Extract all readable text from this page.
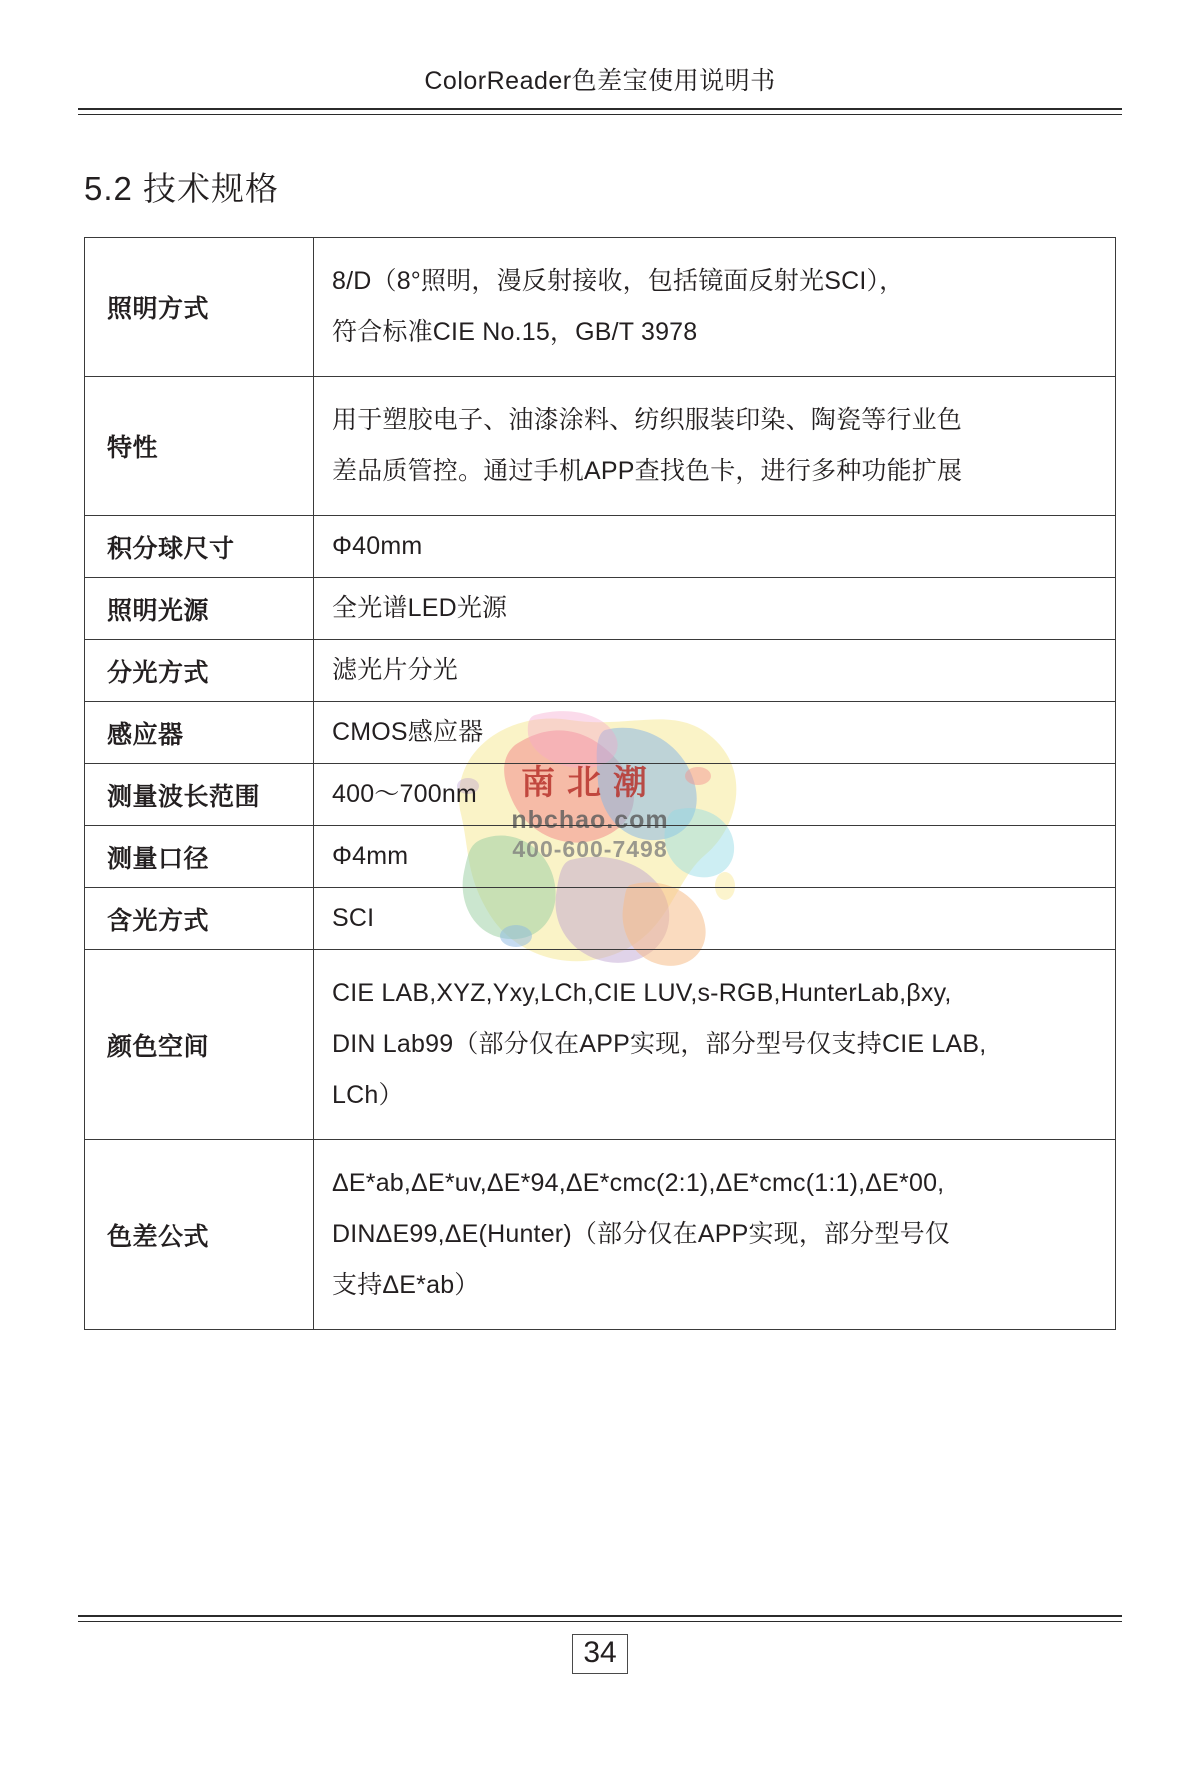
ColorReader色差宝使用说明书
5.2 技术规格
南北潮
nbchao.com
400-600-7498
照明方式	8/D（8°照明，漫反射接收，包括镜面反射光SCI），
符合标准CIE No.15，GB/T 3978

特性	用于塑胶电子、油漆涂料、纺织服装印染、陶瓷等行业色
差品质管控。通过手机APP查找色卡，进行多种功能扩展

积分球尺寸	Φ40mm

照明光源	全光谱LED光源

分光方式	滤光片分光

感应器	CMOS感应器

测量波长范围	400～700nm

测量口径	Φ4mm

含光方式	SCI

颜色空间	CIE LAB,XYZ,Yxy,LCh,CIE LUV,s-RGB,HunterLab,βxy,
DIN Lab99（部分仅在APP实现，部分型号仅支持CIE LAB,
LCh）

色差公式	ΔE*ab,ΔE*uv,ΔE*94,ΔE*cmc(2:1),ΔE*cmc(1:1),ΔE*00,
DINΔE99,ΔE(Hunter)（部分仅在APP实现，部分型号仅
支持ΔE*ab）
34
